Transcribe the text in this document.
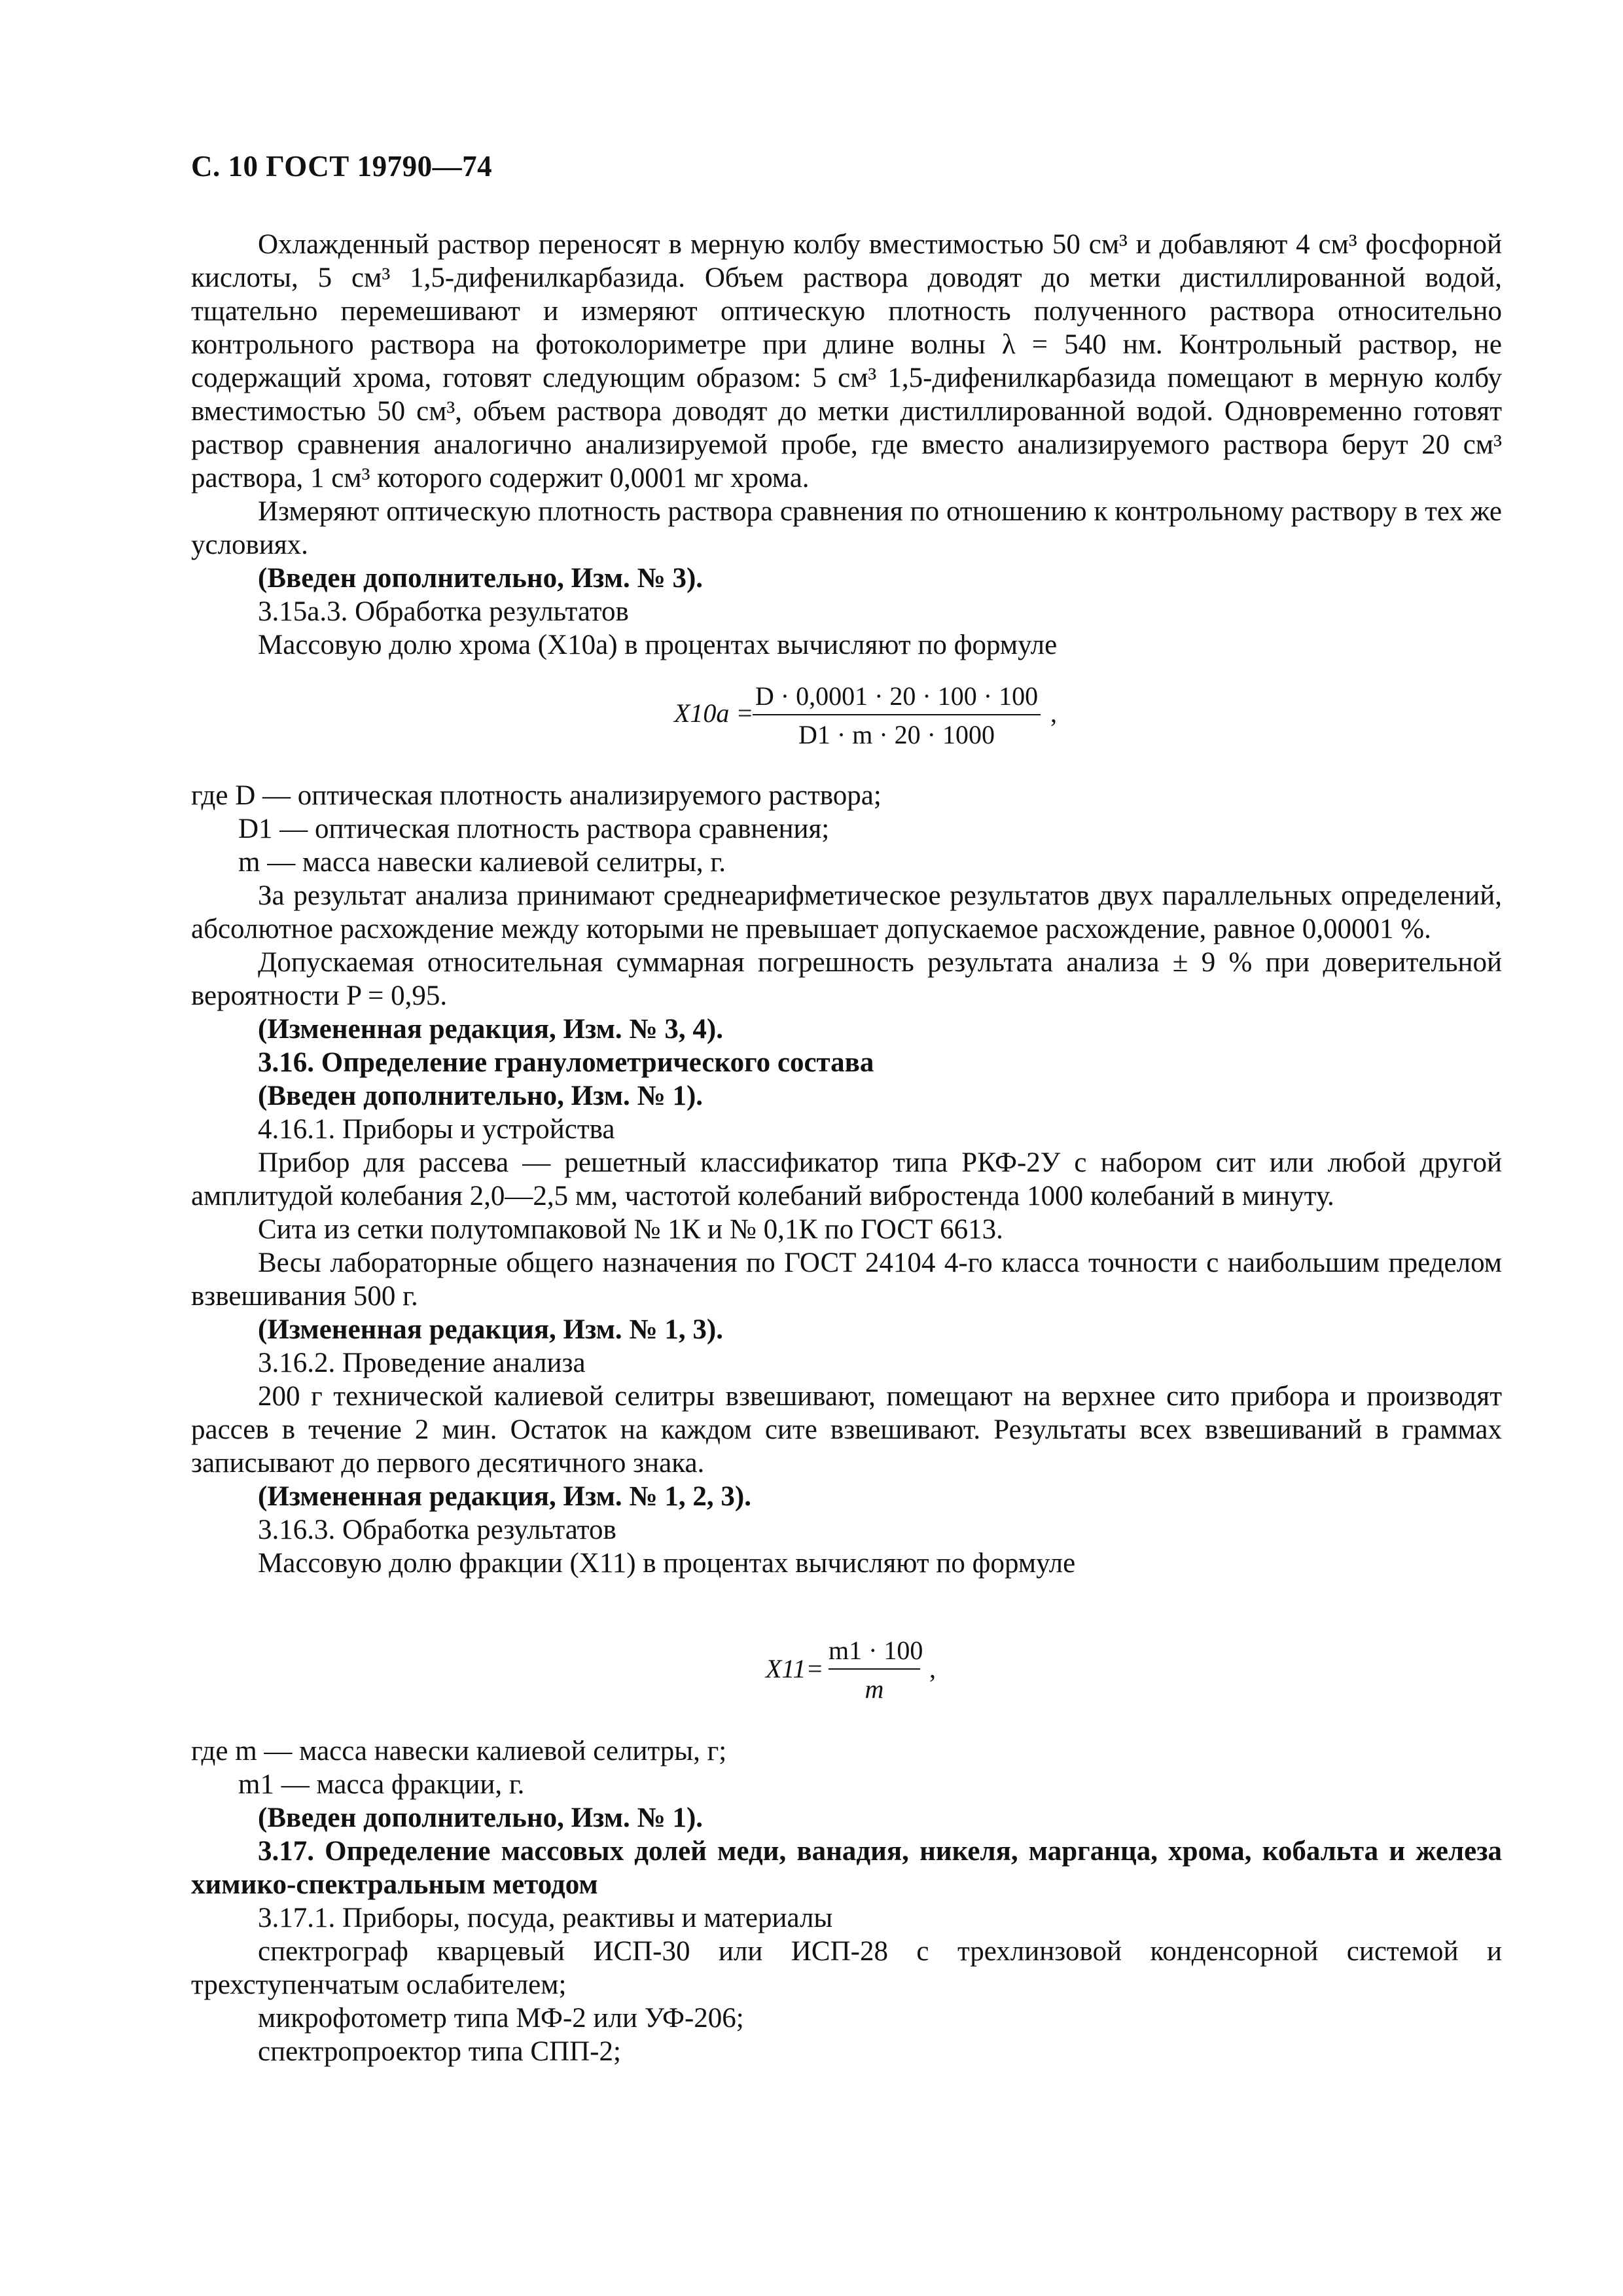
С. 10 ГОСТ 19790—74

Охлажденный раствор переносят в мерную колбу вместимостью 50 см³ и добавляют 4 см³ фосфорной кислоты, 5 см³ 1,5-дифенилкарбазида. Объем раствора доводят до метки дистиллированной водой, тщательно перемешивают и измеряют оптическую плотность полученного раствора относительно контрольного раствора на фотоколориметре при длине волны λ = 540 нм. Контрольный раствор, не содержащий хрома, готовят следующим образом: 5 см³ 1,5-дифенилкарбазида помещают в мерную колбу вместимостью 50 см³, объем раствора доводят до метки дистиллированной водой. Одновременно готовят раствор сравнения аналогично анализируемой пробе, где вместо анализируемого раствора берут 20 см³ раствора, 1 см³ которого содержит 0,0001 мг хрома.

Измеряют оптическую плотность раствора сравнения по отношению к контрольному раствору в тех же условиях.

(Введен дополнительно, Изм. № 3).

3.15а.3. Обработка результатов

Массовую долю хрома (X10а) в процентах вычисляют по формуле

X10а =
D · 0,0001 · 20 · 100 · 100
D1 · m · 20 · 1000
,

где D — оптическая плотность анализируемого раствора;

D1 — оптическая плотность раствора сравнения;

m — масса навески калиевой селитры, г.

За результат анализа принимают среднеарифметическое результатов двух параллельных определений, абсолютное расхождение между которыми не превышает допускаемое расхождение, равное 0,00001 %.

Допускаемая относительная суммарная погрешность результата анализа ± 9 % при доверительной вероятности P = 0,95.

(Измененная редакция, Изм. № 3, 4).

3.16. Определение гранулометрического состава

(Введен дополнительно, Изм. № 1).

4.16.1. Приборы и устройства

Прибор для рассева — решетный классификатор типа РКФ-2У с набором сит или любой другой амплитудой колебания 2,0—2,5 мм, частотой колебаний вибростенда 1000 колебаний в минуту.

Сита из сетки полутомпаковой № 1К и № 0,1К по ГОСТ 6613.

Весы лабораторные общего назначения по ГОСТ 24104 4-го класса точности с наибольшим пределом взвешивания 500 г.

(Измененная редакция, Изм. № 1, 3).

3.16.2. Проведение анализа

200 г технической калиевой селитры взвешивают, помещают на верхнее сито прибора и производят рассев в течение 2 мин. Остаток на каждом сите взвешивают. Результаты всех взвешиваний в граммах записывают до первого десятичного знака.

(Измененная редакция, Изм. № 1, 2, 3).

3.16.3. Обработка результатов

Массовую долю фракции (X11) в процентах вычисляют по формуле

X11=
m1 · 100
m
,

где m — масса навески калиевой селитры, г;

m1 — масса фракции, г.

(Введен дополнительно, Изм. № 1).

3.17. Определение массовых долей меди, ванадия, никеля, марганца, хрома, кобальта и железа химико-спектральным методом

3.17.1. Приборы, посуда, реактивы и материалы

спектрограф кварцевый ИСП-30 или ИСП-28 с трехлинзовой конденсорной системой и трехступенчатым ослабителем;

микрофотометр типа МФ-2 или УФ-206;

спектропроектор типа СПП-2;
